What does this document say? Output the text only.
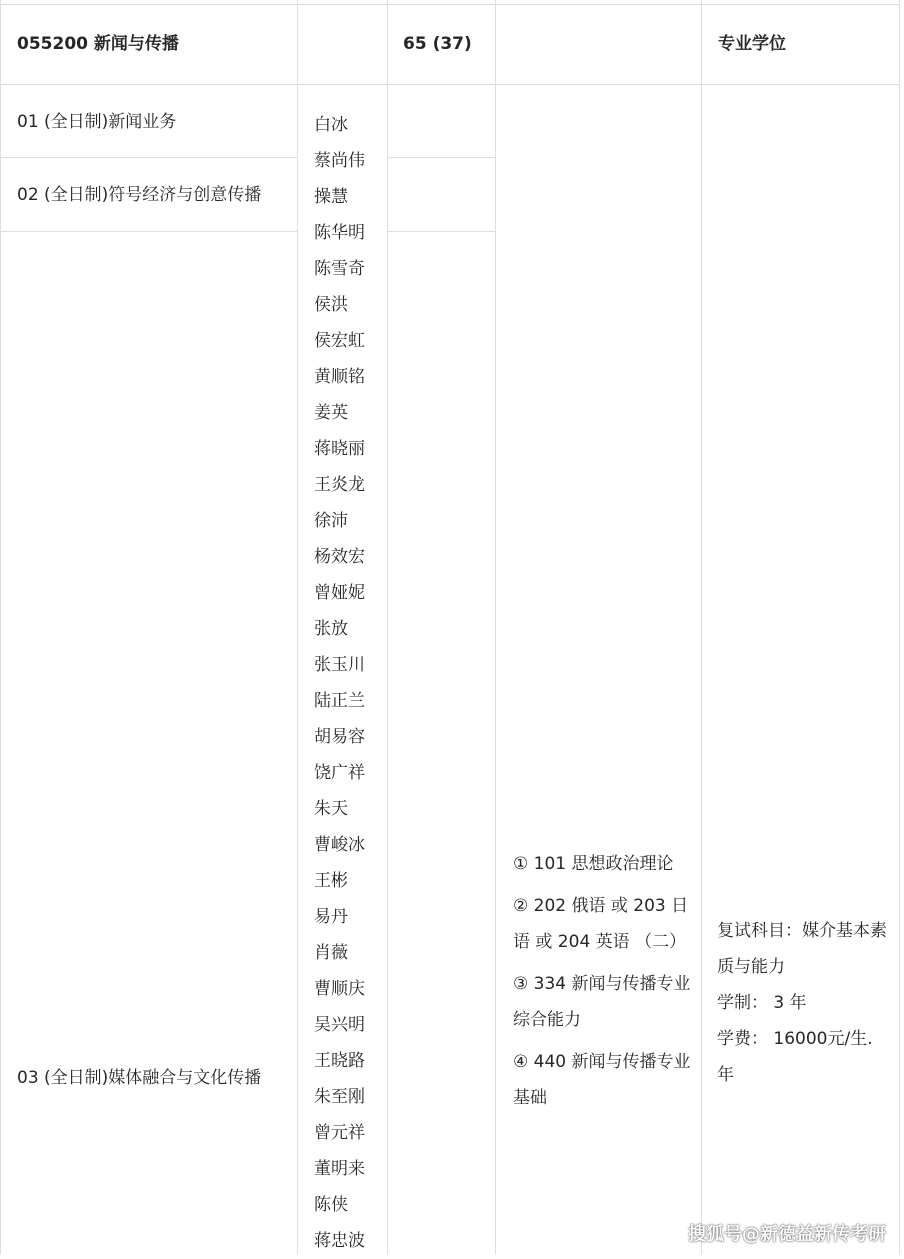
055200 新闻与传播	65 (37)	专业学位
01 (全日制)新闻业务
02 (全日制)符号经济与创意传播
03 (全日制)媒体融合与文化传播
白冰
蔡尚伟
操慧
陈华明
陈雪奇
侯洪
侯宏虹
黄顺铭
姜英
蒋晓丽
王炎龙
徐沛
杨效宏
曾娅妮
张放
张玉川
陆正兰
胡易容
饶广祥
朱天
曹峻冰
王彬
易丹
肖薇
曹顺庆
吴兴明
王晓路
朱至刚
曾元祥
董明来
陈侠
蒋忠波
① 101 思想政治理论
② 202 俄语 或 203 日语 或 204 英语 （二）
③ 334 新闻与传播专业综合能力
④ 440 新闻与传播专业基础
复试科目：媒介基本素质与能力
学制： 3 年
学费： 16000元/生.年
搜狐号@新德益新传考研
